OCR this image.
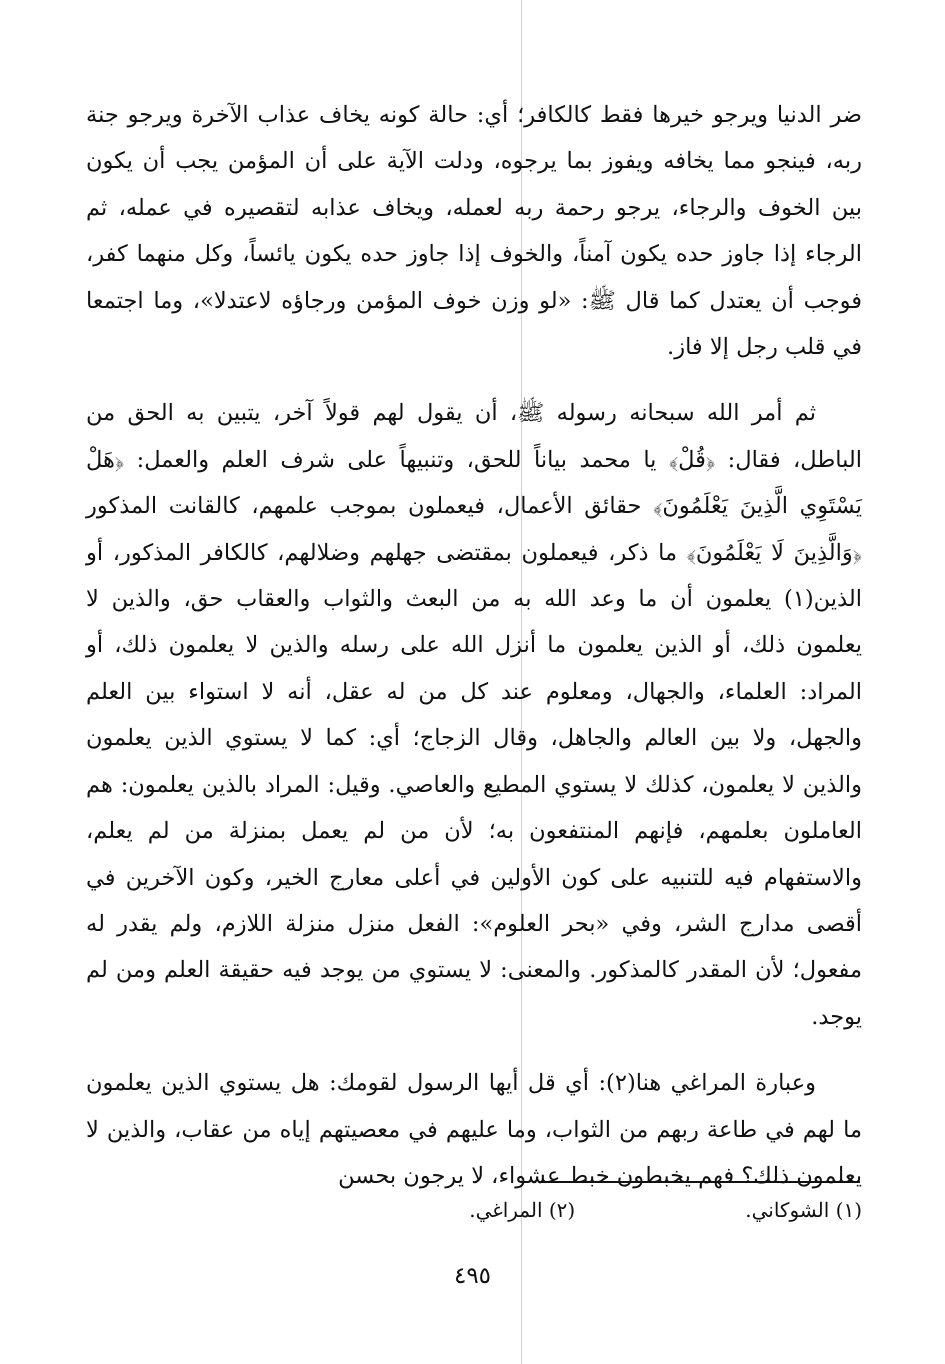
ضر الدنيا ويرجو خيرها فقط كالكافر؛ أي: حالة كونه يخاف عذاب الآخرة ويرجو جنة ربه، فينجو مما يخافه ويفوز بما يرجوه، ودلت الآية على أن المؤمن يجب أن يكون بين الخوف والرجاء، يرجو رحمة ربه لعمله، ويخاف عذابه لتقصيره في عمله، ثم الرجاء إذا جاوز حده يكون آمناً، والخوف إذا جاوز حده يكون يائساً، وكل منهما كفر، فوجب أن يعتدل كما قال ﷺ: «لو وزن خوف المؤمن ورجاؤه لاعتدلا»، وما اجتمعا في قلب رجل إلا فاز.

ثم أمر الله سبحانه رسوله ﷺ، أن يقول لهم قولاً آخر، يتبين به الحق من الباطل، فقال: ﴿قُلْ﴾ يا محمد بياناً للحق، وتنبيهاً على شرف العلم والعمل: ﴿هَلْ يَسْتَوِي الَّذِينَ يَعْلَمُونَ﴾ حقائق الأعمال، فيعملون بموجب علمهم، كالقانت المذكور ﴿وَالَّذِينَ لَا يَعْلَمُونَ﴾ ما ذكر، فيعملون بمقتضى جهلهم وضلالهم، كالكافر المذكور، أو الذين(١) يعلمون أن ما وعد الله به من البعث والثواب والعقاب حق، والذين لا يعلمون ذلك، أو الذين يعلمون ما أنزل الله على رسله والذين لا يعلمون ذلك، أو المراد: العلماء، والجهال، ومعلوم عند كل من له عقل، أنه لا استواء بين العلم والجهل، ولا بين العالم والجاهل، وقال الزجاج؛ أي: كما لا يستوي الذين يعلمون والذين لا يعلمون، كذلك لا يستوي المطيع والعاصي. وقيل: المراد بالذين يعلمون: هم العاملون بعلمهم، فإنهم المنتفعون به؛ لأن من لم يعمل بمنزلة من لم يعلم، والاستفهام فيه للتنبيه على كون الأولين في أعلى معارج الخير، وكون الآخرين في أقصى مدارج الشر، وفي «بحر العلوم»: الفعل منزل منزلة اللازم، ولم يقدر له مفعول؛ لأن المقدر كالمذكور. والمعنى: لا يستوي من يوجد فيه حقيقة العلم ومن لم يوجد.

وعبارة المراغي هنا(٢): أي قل أيها الرسول لقومك: هل يستوي الذين يعلمون ما لهم في طاعة ربهم من الثواب، وما عليهم في معصيتهم إياه من عقاب، والذين لا يعلمون ذلك؟ فهم يخبطون خبط عشواء، لا يرجون بحسن

(١) الشوكاني.
(٢) المراغي.
٤٩٥
